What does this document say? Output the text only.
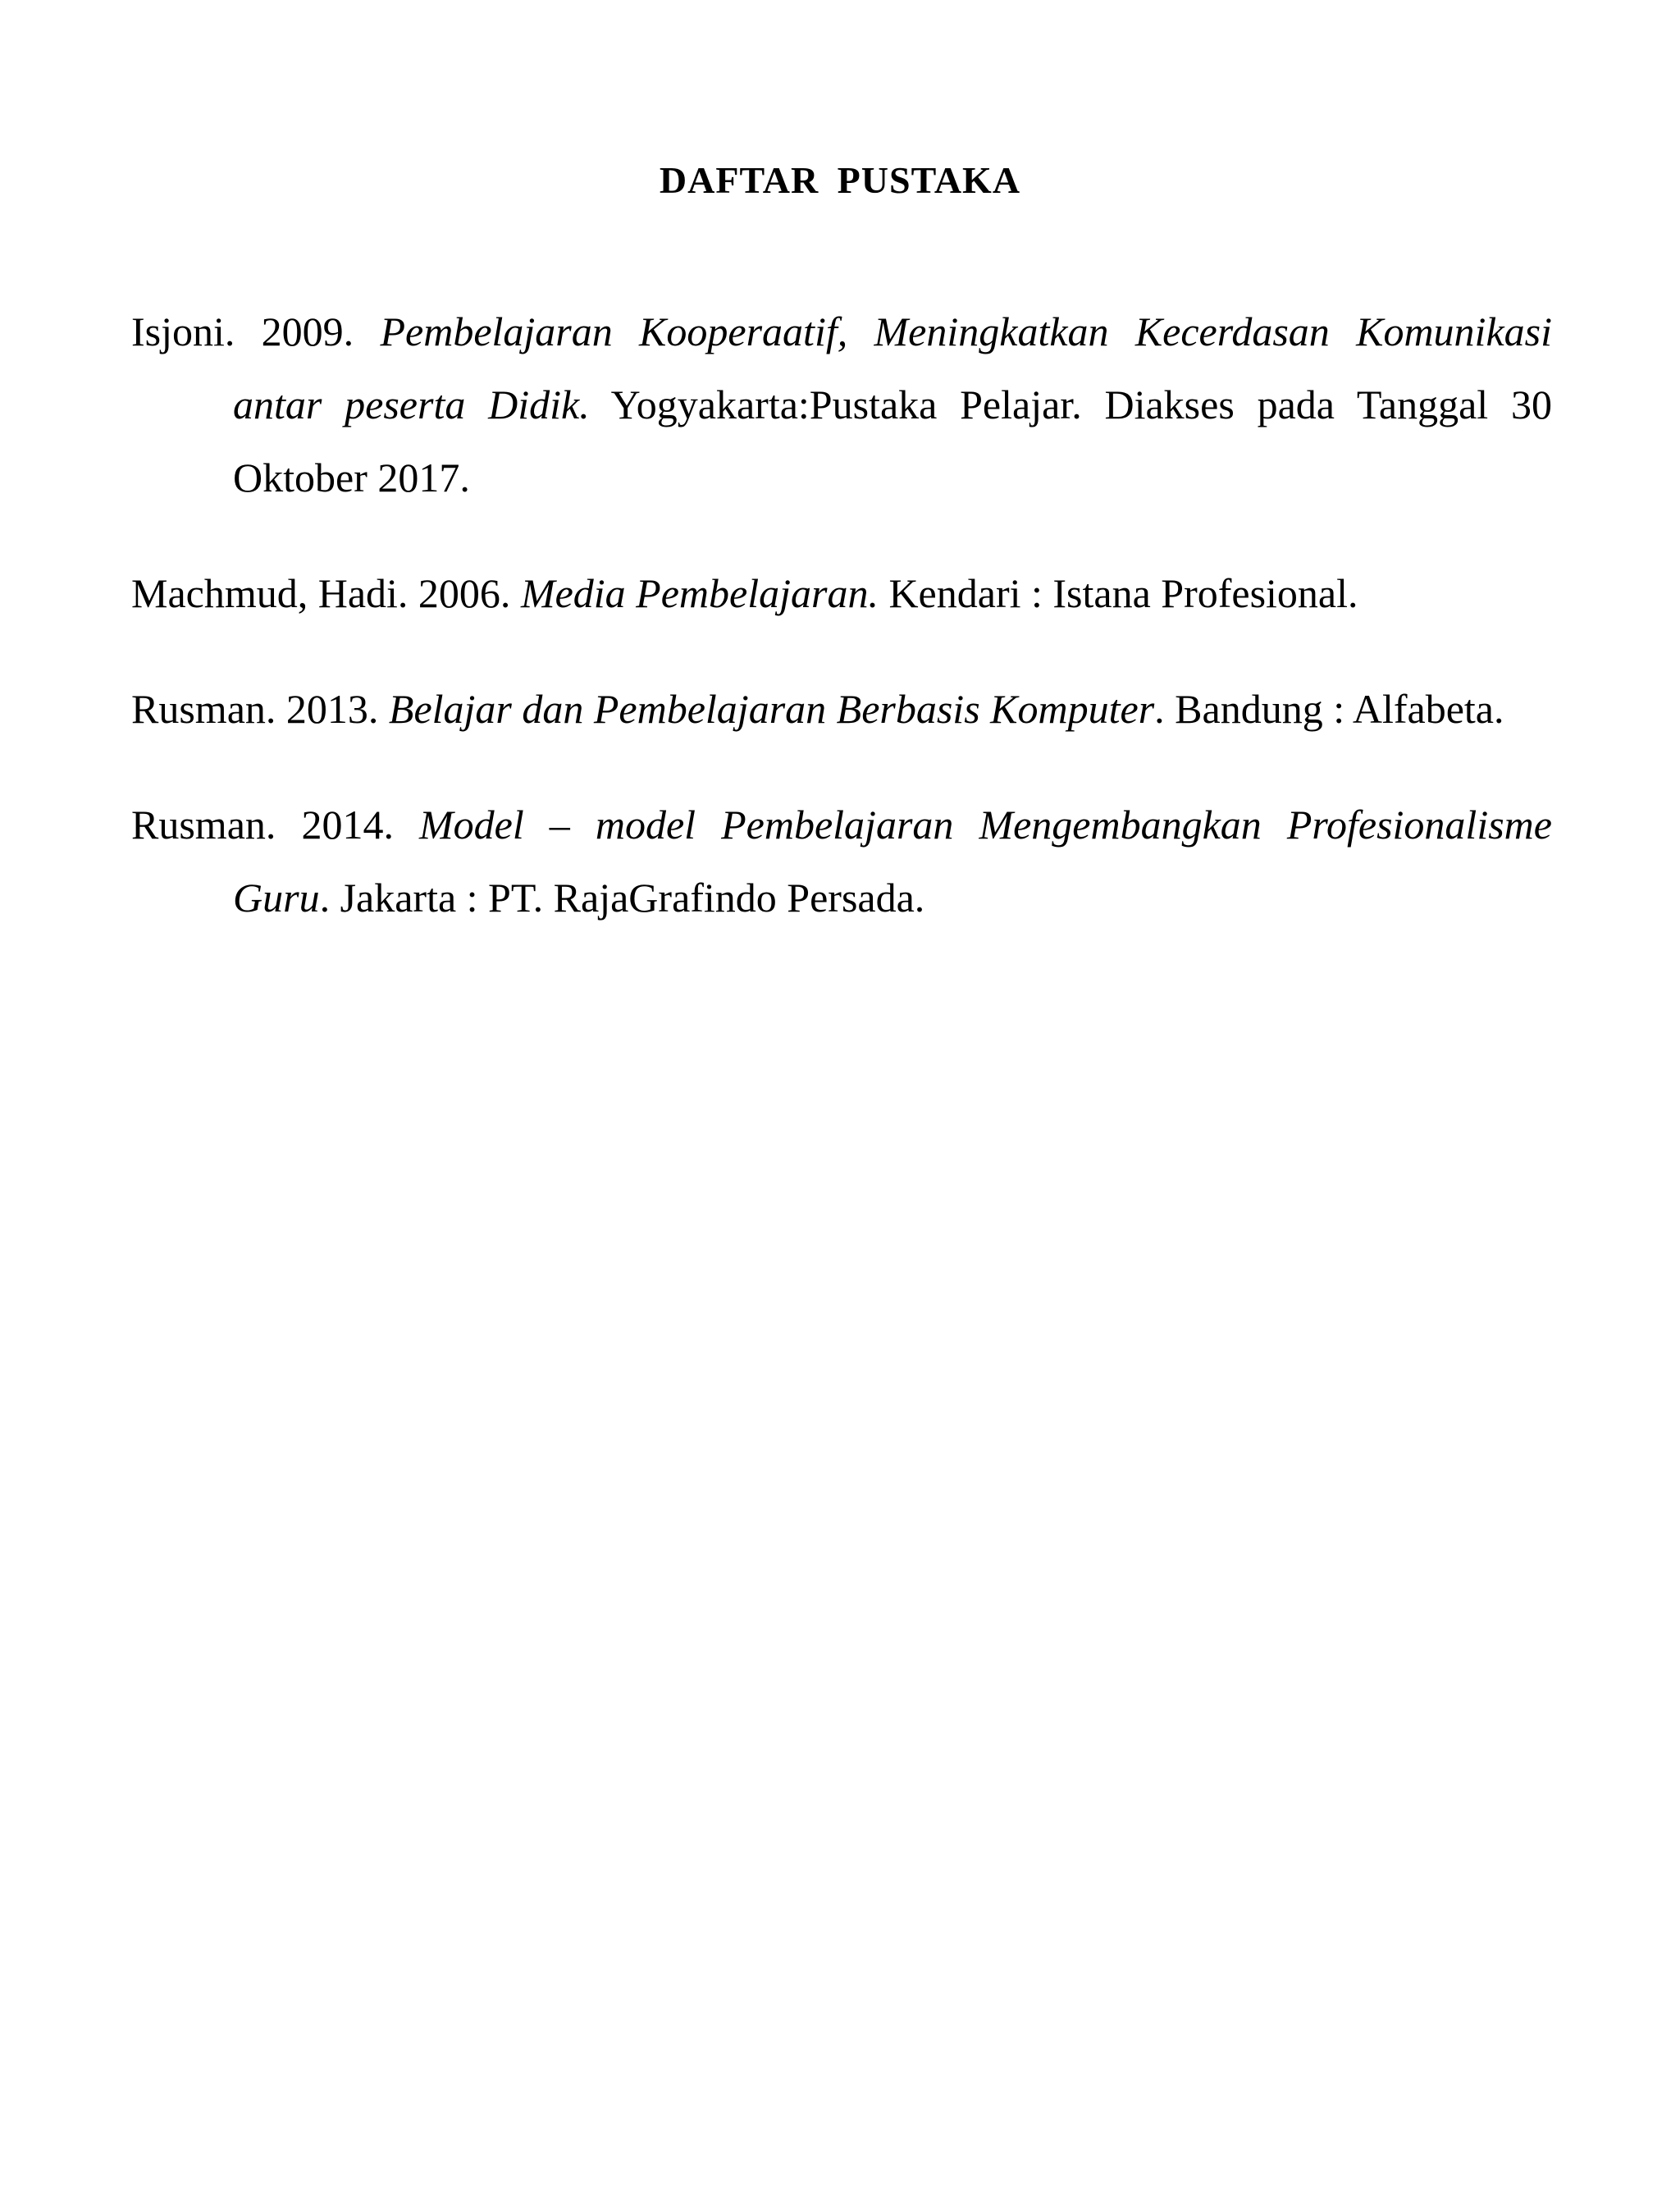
DAFTAR PUSTAKA

Isjoni. 2009. Pembelajaran Kooperaatif, Meningkatkan Kecerdasan Komunikasi antar peserta Didik. Yogyakarta:Pustaka Pelajar. Diakses pada Tanggal 30 Oktober 2017.

Machmud, Hadi. 2006. Media Pembelajaran. Kendari : Istana Profesional.

Rusman. 2013. Belajar dan Pembelajaran Berbasis Komputer. Bandung : Alfabeta.

Rusman. 2014. Model – model Pembelajaran Mengembangkan Profesionalisme Guru. Jakarta : PT. RajaGrafindo Persada.
